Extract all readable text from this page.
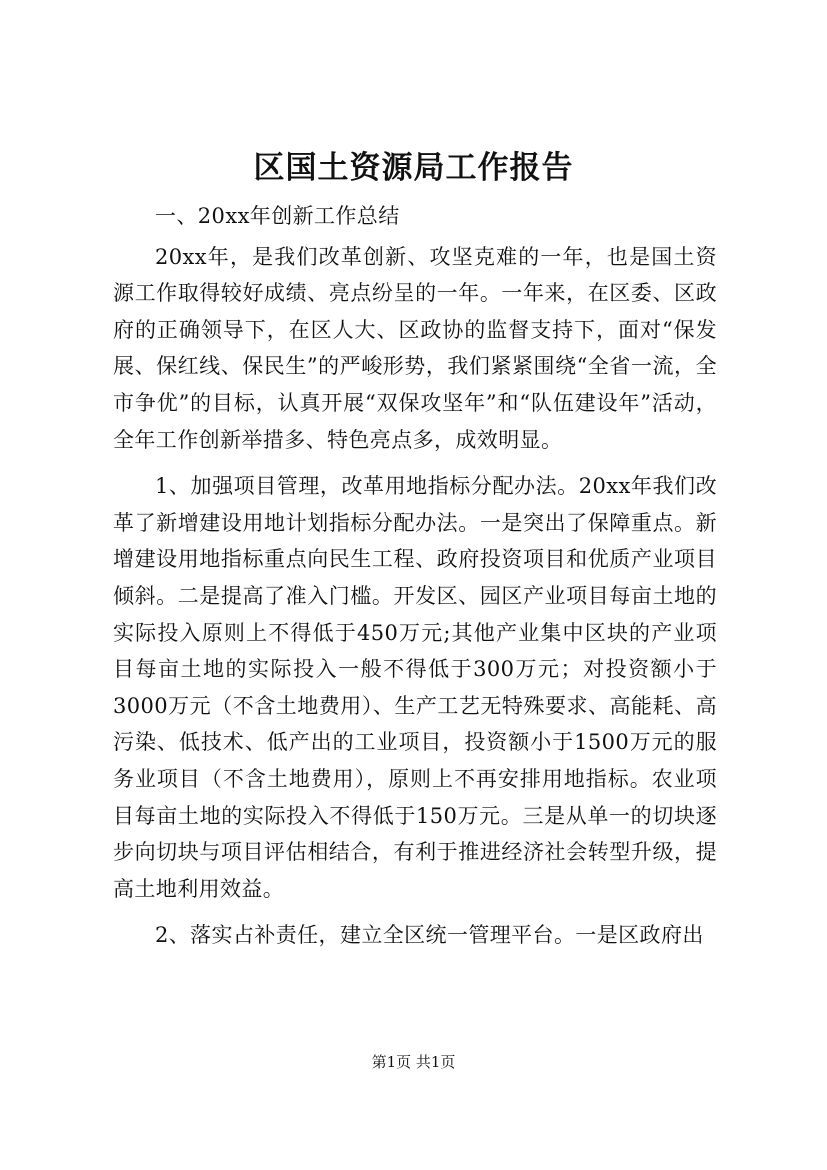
区国土资源局工作报告

一、20xx年创新工作总结

20xx年，是我们改革创新、攻坚克难的一年，也是国土资源工作取得较好成绩、亮点纷呈的一年。一年来，在区委、区政府的正确领导下，在区人大、区政协的监督支持下，面对“保发展、保红线、保民生”的严峻形势，我们紧紧围绕“全省一流，全市争优”的目标，认真开展“双保攻坚年”和“队伍建设年”活动，全年工作创新举措多、特色亮点多，成效明显。

1、加强项目管理，改革用地指标分配办法。20xx年我们改革了新增建设用地计划指标分配办法。一是突出了保障重点。新增建设用地指标重点向民生工程、政府投资项目和优质产业项目倾斜。二是提高了准入门槛。开发区、园区产业项目每亩土地的实际投入原则上不得低于450万元;其他产业集中区块的产业项目每亩土地的实际投入一般不得低于300万元；对投资额小于3000万元（不含土地费用）、生产工艺无特殊要求、高能耗、高污染、低技术、低产出的工业项目，投资额小于1500万元的服务业项目（不含土地费用），原则上不再安排用地指标。农业项目每亩土地的实际投入不得低于150万元。三是从单一的切块逐步向切块与项目评估相结合，有利于推进经济社会转型升级，提高土地利用效益。

2、落实占补责任，建立全区统一管理平台。一是区政府出

第1页 共1页
